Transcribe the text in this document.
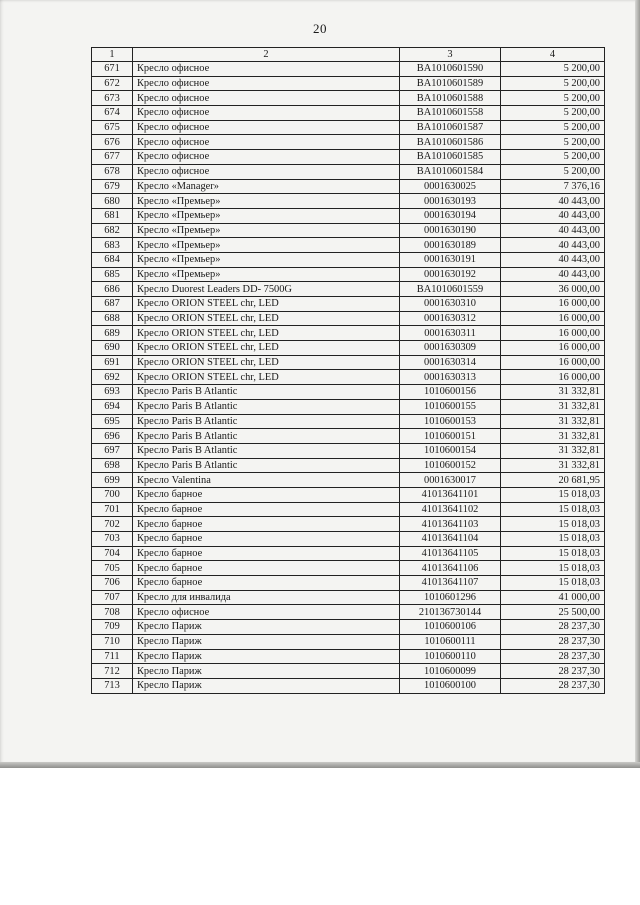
20
1	2	3	4
671	Кресло офисное	BA1010601590	5 200,00
672	Кресло офисное	BA1010601589	5 200,00
673	Кресло офисное	BA1010601588	5 200,00
674	Кресло офисное	BA1010601558	5 200,00
675	Кресло офисное	BA1010601587	5 200,00
676	Кресло офисное	BA1010601586	5 200,00
677	Кресло офисное	BA1010601585	5 200,00
678	Кресло офисное	BA1010601584	5 200,00
679	Кресло «Manager»	0001630025	7 376,16
680	Кресло «Премьер»	0001630193	40 443,00
681	Кресло «Премьер»	0001630194	40 443,00
682	Кресло «Премьер»	0001630190	40 443,00
683	Кресло «Премьер»	0001630189	40 443,00
684	Кресло «Премьер»	0001630191	40 443,00
685	Кресло «Премьер»	0001630192	40 443,00
686	Кресло Duorest Leaders DD- 7500G	BA1010601559	36 000,00
687	Кресло ORION STEEL chr, LED	0001630310	16 000,00
688	Кресло ORION STEEL chr, LED	0001630312	16 000,00
689	Кресло ORION STEEL chr, LED	0001630311	16 000,00
690	Кресло ORION STEEL chr, LED	0001630309	16 000,00
691	Кресло ORION STEEL chr, LED	0001630314	16 000,00
692	Кресло ORION STEEL chr, LED	0001630313	16 000,00
693	Кресло Paris B Atlantic	1010600156	31 332,81
694	Кресло Paris B Atlantic	1010600155	31 332,81
695	Кресло Paris B Atlantic	1010600153	31 332,81
696	Кресло Paris B Atlantic	1010600151	31 332,81
697	Кресло Paris B Atlantic	1010600154	31 332,81
698	Кресло Paris B Atlantic	1010600152	31 332,81
699	Кресло Valentina	0001630017	20 681,95
700	Кресло барное	41013641101	15 018,03
701	Кресло барное	41013641102	15 018,03
702	Кресло барное	41013641103	15 018,03
703	Кресло барное	41013641104	15 018,03
704	Кресло барное	41013641105	15 018,03
705	Кресло барное	41013641106	15 018,03
706	Кресло барное	41013641107	15 018,03
707	Кресло для инвалида	1010601296	41 000,00
708	Кресло офисное	210136730144	25 500,00
709	Кресло Париж	1010600106	28 237,30
710	Кресло Париж	1010600111	28 237,30
711	Кресло Париж	1010600110	28 237,30
712	Кресло Париж	1010600099	28 237,30
713	Кресло Париж	1010600100	28 237,30
